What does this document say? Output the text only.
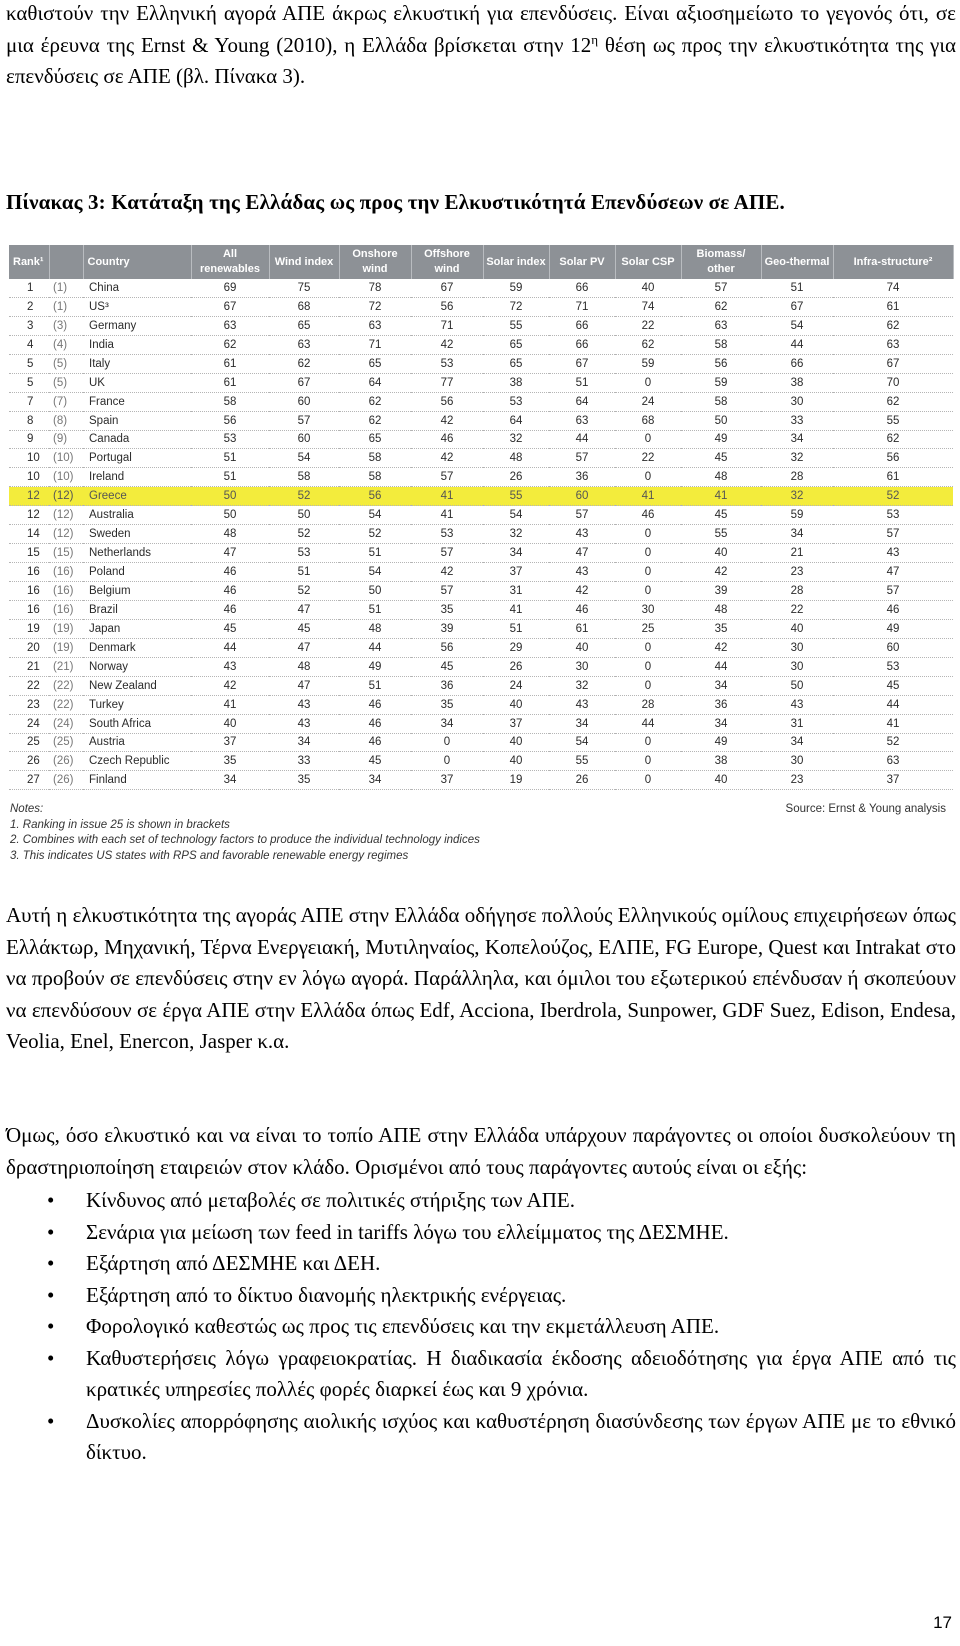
καθιστούν την Ελληνική αγορά ΑΠΕ άκρως ελκυστική για επενδύσεις. Είναι αξιοσημείωτο το γεγονός ότι, σε μια έρευνα της Ernst & Young (2010), η Ελλάδα βρίσκεται στην $12^\eta$ θέση ως προς την ελκυστικότητα της για επενδύσεις σε ΑΠΕ (βλ. Πίνακα 3).

Πίνακας 3: Κατάταξη της Ελλάδας ως προς την Ελκυστικότητά Επενδύσεων σε ΑΠΕ.

Rank¹		Country	All renewables	Wind index	Onshore wind	Offshore wind	Solar index	Solar PV	Solar CSP	Biomass/ other	Geo-thermal	Infra-structure²
1	(1)	China	69	75	78	67	59	66	40	57	51	74
2	(1)	US³	67	68	72	56	72	71	74	62	67	61
3	(3)	Germany	63	65	63	71	55	66	22	63	54	62
4	(4)	India	62	63	71	42	65	66	62	58	44	63
5	(5)	Italy	61	62	65	53	65	67	59	56	66	67
5	(5)	UK	61	67	64	77	38	51	0	59	38	70
7	(7)	France	58	60	62	56	53	64	24	58	30	62
8	(8)	Spain	56	57	62	42	64	63	68	50	33	55
9	(9)	Canada	53	60	65	46	32	44	0	49	34	62
10	(10)	Portugal	51	54	58	42	48	57	22	45	32	56
10	(10)	Ireland	51	58	58	57	26	36	0	48	28	61
12	(12)	Greece	50	52	56	41	55	60	41	41	32	52
12	(12)	Australia	50	50	54	41	54	57	46	45	59	53
14	(12)	Sweden	48	52	52	53	32	43	0	55	34	57
15	(15)	Netherlands	47	53	51	57	34	47	0	40	21	43
16	(16)	Poland	46	51	54	42	37	43	0	42	23	47
16	(16)	Belgium	46	52	50	57	31	42	0	39	28	57
16	(16)	Brazil	46	47	51	35	41	46	30	48	22	46
19	(19)	Japan	45	45	48	39	51	61	25	35	40	49
20	(19)	Denmark	44	47	44	56	29	40	0	42	30	60
21	(21)	Norway	43	48	49	45	26	30	0	44	30	53
22	(22)	New Zealand	42	47	51	36	24	32	0	34	50	45
23	(22)	Turkey	41	43	46	35	40	43	28	36	43	44
24	(24)	South Africa	40	43	46	34	37	34	44	34	31	41
25	(25)	Austria	37	34	46	0	40	54	0	49	34	52
26	(26)	Czech Republic	35	33	45	0	40	55	0	38	30	63
27	(26)	Finland	34	35	34	37	19	26	0	40	23	37
Notes:	Source: Ernst & Young analysis
1. Ranking in issue 25 is shown in brackets
2. Combines with each set of technology factors to produce the individual technology indices
3. This indicates US states with RPS and favorable renewable energy regimes

Αυτή η ελκυστικότητα της αγοράς ΑΠΕ στην Ελλάδα οδήγησε πολλούς Ελληνικούς ομίλους επιχειρήσεων όπως Ελλάκτωρ, Μηχανική, Τέρνα Ενεργειακή, Μυτιληναίος, Κοπελούζος, ΕΛΠΕ, FG Europe, Quest και Intrakat στο να προβούν σε επενδύσεις στην εν λόγω αγορά. Παράλληλα, και όμιλοι του εξωτερικού επένδυσαν ή σκοπεύουν να επενδύσουν σε έργα ΑΠΕ στην Ελλάδα όπως Edf, Acciona, Iberdrola, Sunpower, GDF Suez, Edison, Endesa, Veolia, Enel, Enercon, Jasper κ.α.

Όμως, όσο ελκυστικό και να είναι το τοπίο ΑΠΕ στην Ελλάδα υπάρχουν παράγοντες οι οποίοι δυσκολεύουν τη δραστηριοποίηση εταιρειών στον κλάδο. Ορισμένοι από τους παράγοντες αυτούς είναι οι εξής:

• Κίνδυνος από μεταβολές σε πολιτικές στήριξης των ΑΠΕ.
• Σενάρια για μείωση των feed in tariffs λόγω του ελλείμματος της ΔΕΣΜΗΕ.
• Εξάρτηση από ΔΕΣΜΗΕ και ΔΕΗ.
• Εξάρτηση από το δίκτυο διανομής ηλεκτρικής ενέργειας.
• Φορολογικό καθεστώς ως προς τις επενδύσεις και την εκμετάλλευση ΑΠΕ.
• Καθυστερήσεις λόγω γραφειοκρατίας. Η διαδικασία έκδοσης αδειοδότησης για έργα ΑΠΕ από τις κρατικές υπηρεσίες πολλές φορές διαρκεί έως και 9 χρόνια.
• Δυσκολίες απορρόφησης αιολικής ισχύος και καθυστέρηση διασύνδεσης των έργων ΑΠΕ με το εθνικό δίκτυο.
17
